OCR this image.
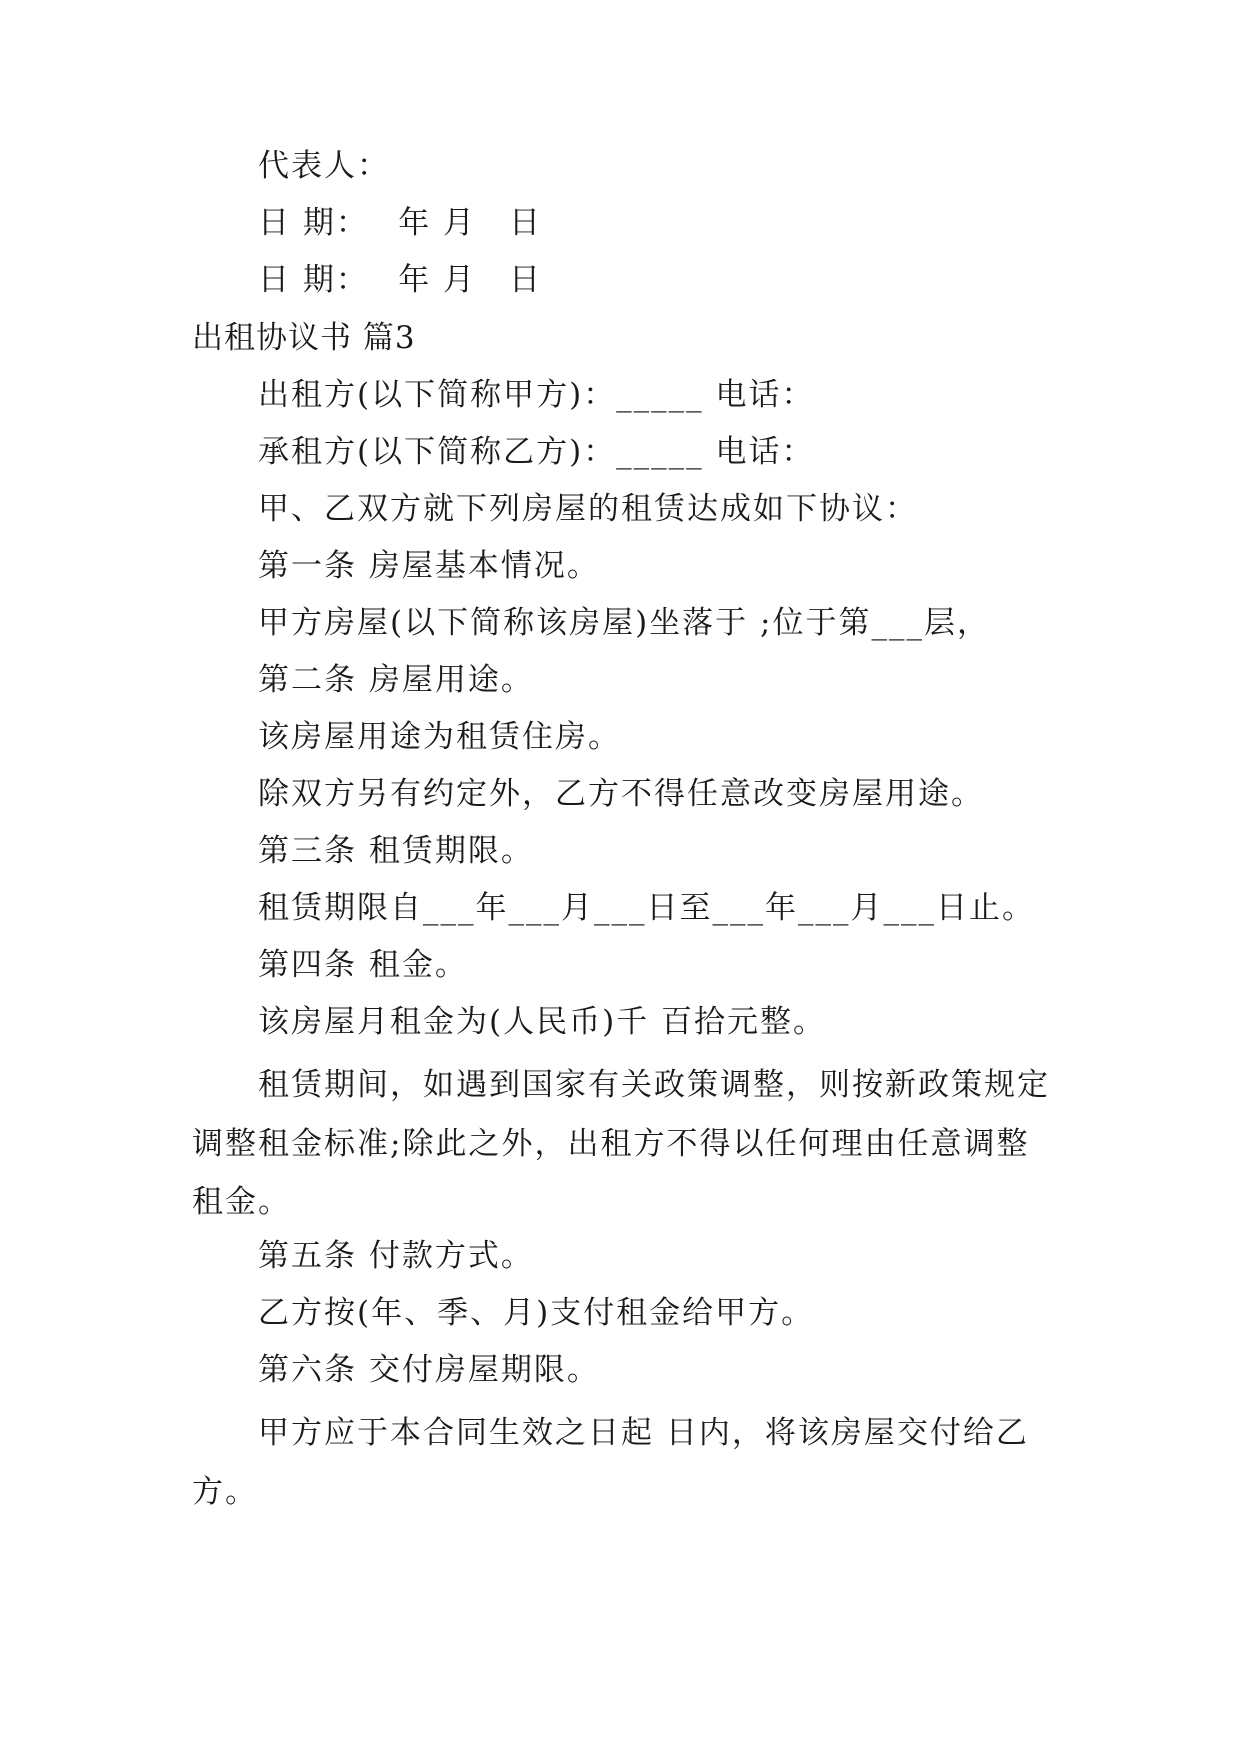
代表人：
日 期：　 年 月　日
日 期：　 年 月　日
出租协议书 篇3
出租方(以下简称甲方)：_____ 电话：
承租方(以下简称乙方)：_____ 电话：
甲、乙双方就下列房屋的租赁达成如下协议：
第一条 房屋基本情况。
甲方房屋(以下简称该房屋)坐落于 ;位于第___层，
第二条 房屋用途。
该房屋用途为租赁住房。
除双方另有约定外，乙方不得任意改变房屋用途。
第三条 租赁期限。
租赁期限自___年___月___日至___年___月___日止。
第四条 租金。
该房屋月租金为(人民币)千 百拾元整。
租赁期间，如遇到国家有关政策调整，则按新政策规定调整租金标准;除此之外，出租方不得以任何理由任意调整租金。
第五条 付款方式。
乙方按(年、季、月)支付租金给甲方。
第六条 交付房屋期限。
甲方应于本合同生效之日起 日内，将该房屋交付给乙方。
